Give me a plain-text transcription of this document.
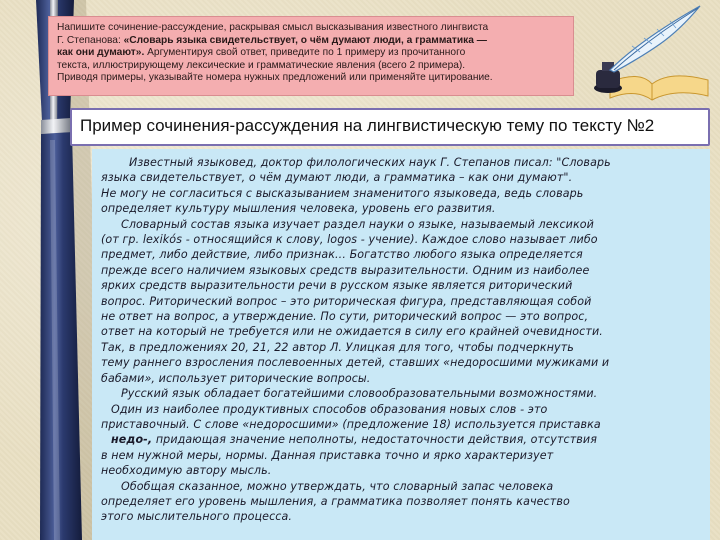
Напишите сочинение-рассуждение, раскрывая смысл высказывания известного лингвиста
Г. Степанова: «Словарь языка свидетельствует, о чём думают люди, а грамматика —
как они думают». Аргументируя свой ответ, приведите по 1 примеру из прочитанного
текста, иллюстрирующему лексические и грамматические явления (всего 2 примера).
Приводя примеры, указывайте номера нужных предложений или применяйте цитирование.
Пример сочинения-рассуждения на лингвистическую тему по тексту №2

Известный языковед, доктор филологических наук Г. Степанов писал: "Словарь

языка свидетельствует, о чём думают люди, а грамматика – как они думают".

Не могу не согласиться с высказыванием знаменитого языковеда, ведь словарь

определяет культуру мышления человека, уровень его развития.

Словарный состав языка изучает раздел науки о языке, называемый лексикой

(от гр. lexikós - относящийся к слову, logos - учение). Каждое слово называет либо

предмет, либо действие, либо признак... Богатство любого языка определяется

прежде всего наличием языковых средств выразительности. Одним из наиболее

ярких средств выразительности речи в русском языке является риторический

вопрос. Риторический вопрос – это риторическая фигура, представляющая собой

не ответ на вопрос, а утверждение. По сути, риторический вопрос — это вопрос,

ответ на который не требуется или не ожидается в силу его крайней очевидности.

Так, в предложениях 20, 21, 22 автор Л. Улицкая для того, чтобы подчеркнуть

тему раннего взросления послевоенных детей, ставших «недоросшими мужиками и

бабами», использует риторические вопросы.

Русский язык обладает богатейшими словообразовательными возможностями.

Один из наиболее продуктивных способов образования новых слов - это

приставочный. С слове «недоросшими» (предложение 18) используется приставка

недо-, придающая значение неполноты, недостаточности действия, отсутствия

в нем нужной меры, нормы. Данная приставка точно и ярко характеризует

необходимую автору мысль.

Обобщая сказанное, можно утверждать, что словарный запас человека

определяет его уровень мышления, а грамматика позволяет понять качество

этого мыслительного процесса.
